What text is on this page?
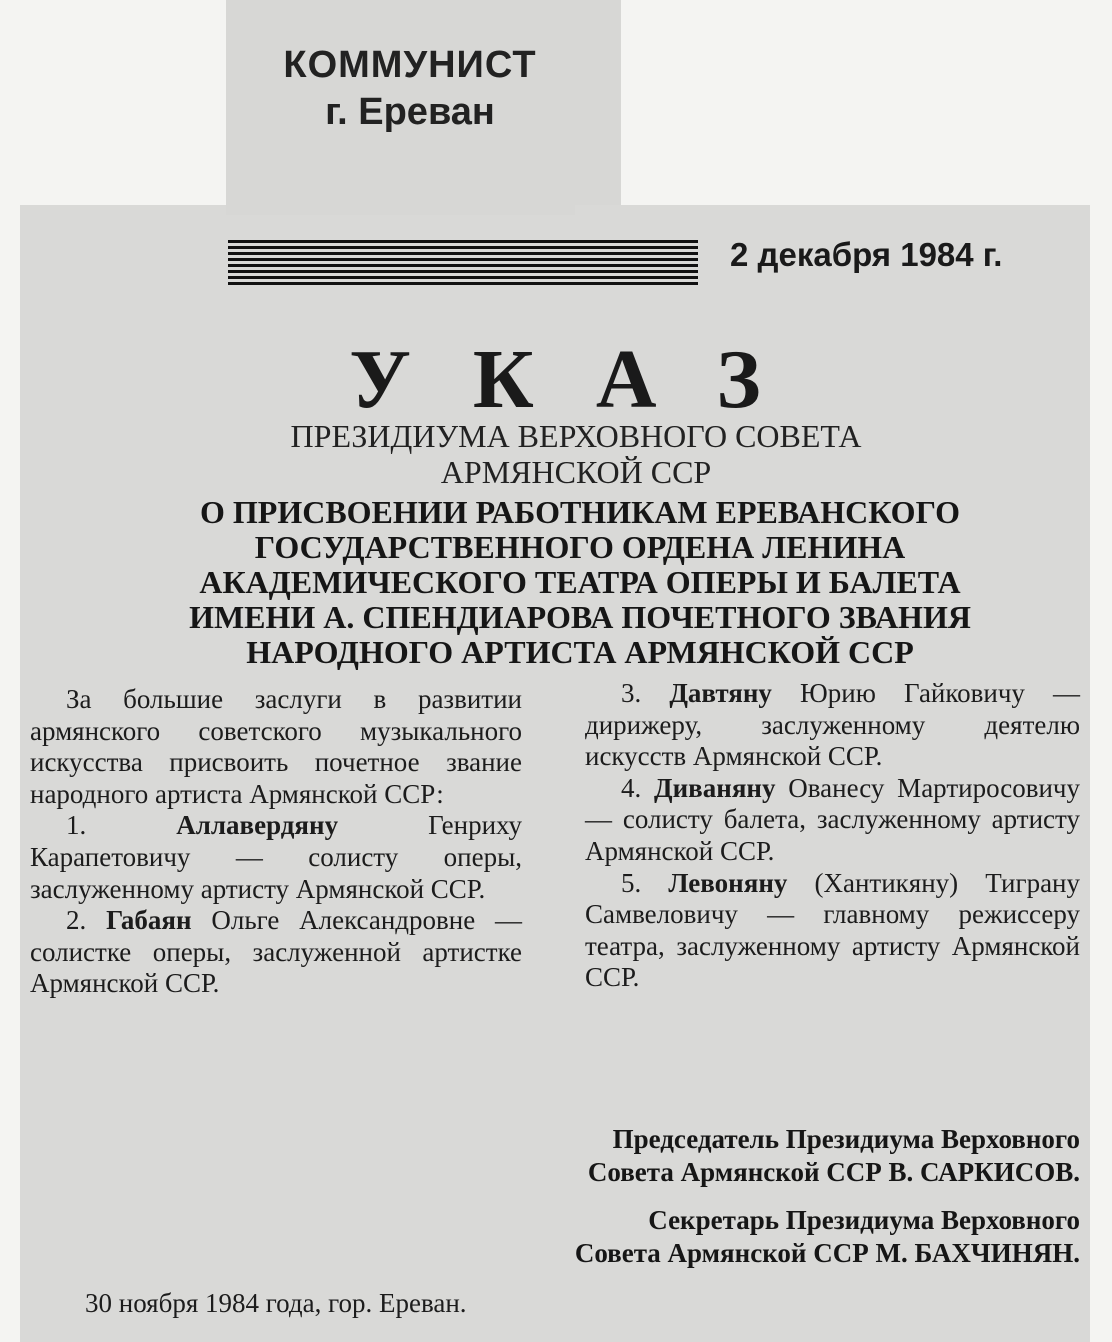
КОММУНИСТ
г. Ереван
2 декабря 1984 г.
УКАЗ
ПРЕЗИДИУМА ВЕРХОВНОГО СОВЕТА
АРМЯНСКОЙ ССР
О ПРИСВОЕНИИ РАБОТНИКАМ ЕРЕВАНСКОГО
ГОСУДАРСТВЕННОГО ОРДЕНА ЛЕНИНА
АКАДЕМИЧЕСКОГО ТЕАТРА ОПЕРЫ И БАЛЕТА
ИМЕНИ А. СПЕНДИАРОВА ПОЧЕТНОГО ЗВАНИЯ
НАРОДНОГО АРТИСТА АРМЯНСКОЙ ССР

За большие заслуги в развитии армянского советского музыкального искусства присвоить почетное звание народного артиста Армянской ССР:

1.	Аллавердяну	Генриху Карапетовичу — солисту оперы, заслуженному артисту Армянской ССР.

2. Габаян Ольге Александровне — солистке оперы, заслуженной артистке Армянской ССР.

3. Давтяну Юрию Гайковичу — дирижеру, заслуженному деятелю искусств Армянской ССР.

4. Диваняну Ованесу Мартиросовичу — солисту балета, заслуженному артисту Армянской ССР.

5. Левоняну (Хантикяну) Тиграну Самвеловичу — главному режиссеру театра, заслуженному артисту Армянской ССР.

Председатель Президиума Верховного
Совета Армянской ССР В. САРКИСОВ.
Секретарь Президиума Верховного
Совета Армянской ССР М. БАХЧИНЯН.
30 ноября 1984 года, гор. Ереван.
